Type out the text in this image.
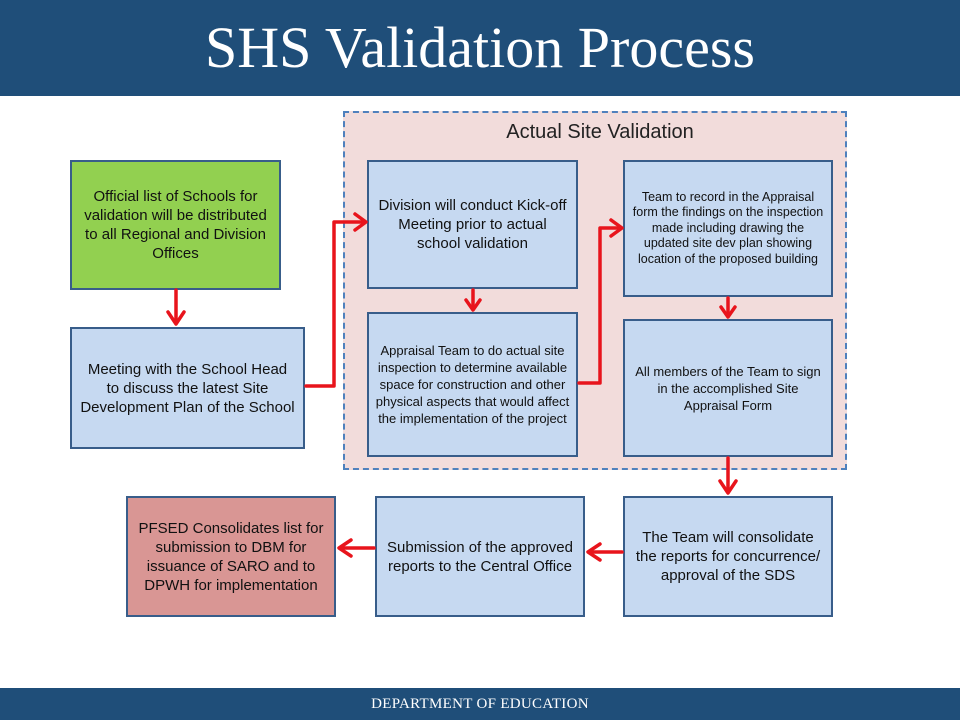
SHS Validation Process
Actual Site Validation
Official list of Schools for validation will be distributed to all Regional and Division Offices
Meeting with the School Head to discuss the latest Site Development Plan of the School
Division will conduct Kick-off Meeting prior to actual school validation
Appraisal Team to do actual site inspection to determine available space for construction and other physical aspects that would affect the implementation of the project
Team to record in the Appraisal form the findings on the inspection made including drawing the updated site dev plan showing location of the proposed building
All members of the Team to sign in the accomplished Site Appraisal Form
The Team will consolidate the reports for concurrence/ approval of the SDS
Submission of the approved reports to the Central Office
PFSED Consolidates list for submission to DBM for issuance of SARO and to DPWH for implementation
DEPARTMENT OF EDUCATION
